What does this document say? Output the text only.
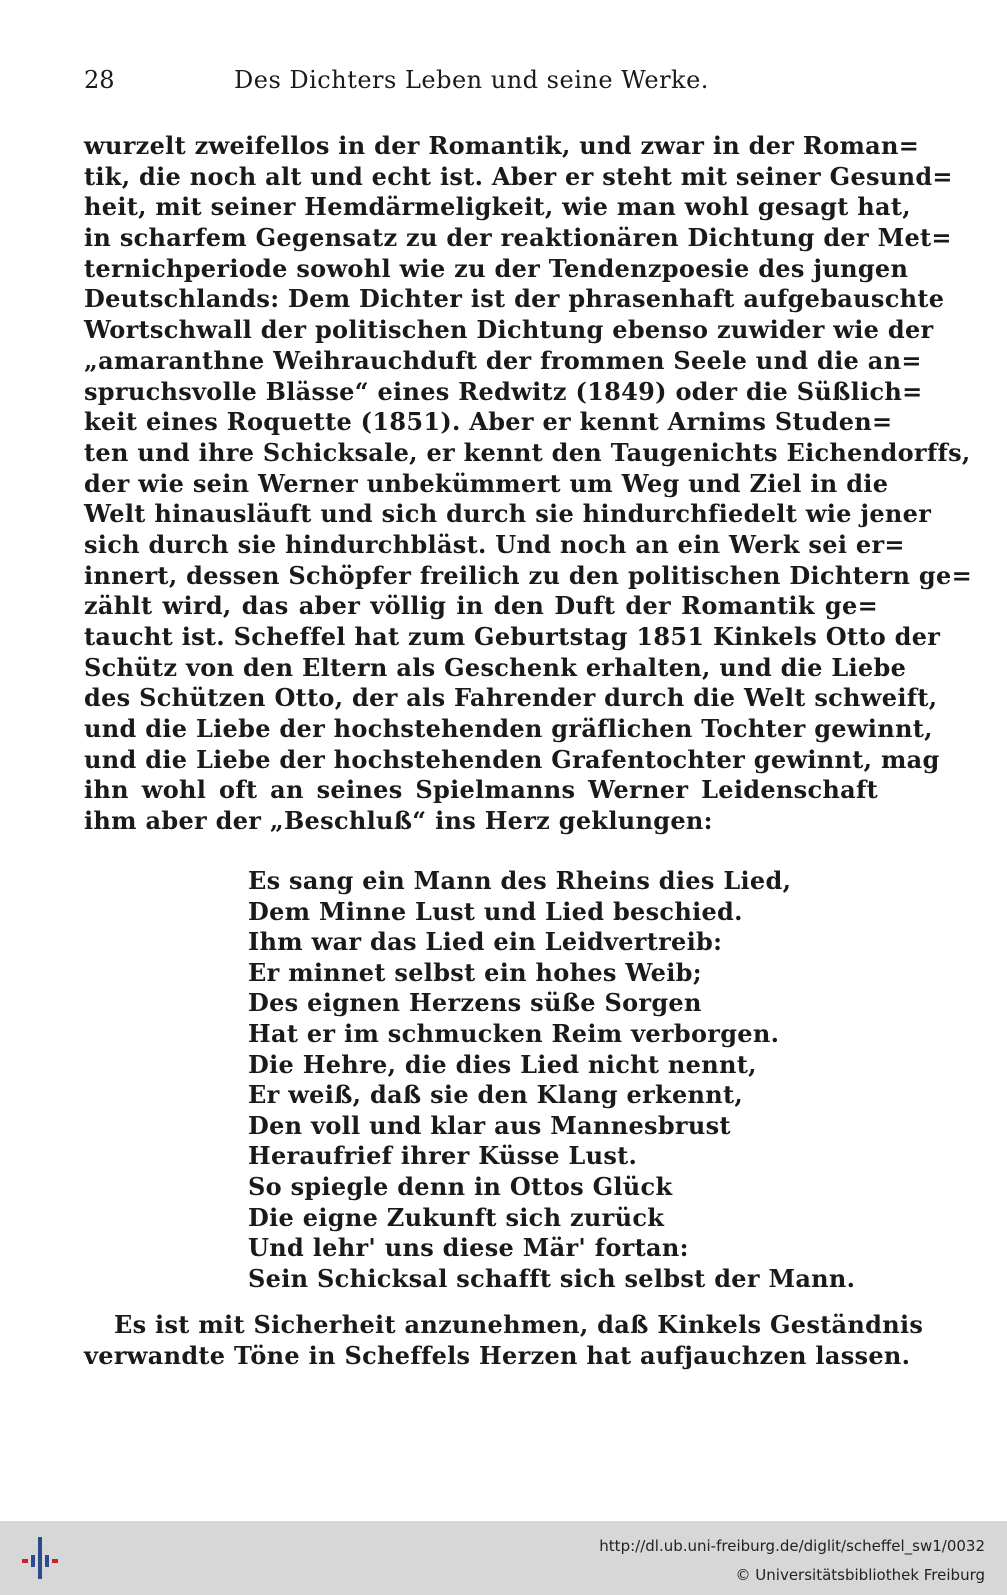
28	Des Dichters Leben und seine Werke.
wurzelt zweifellos in der Romantik, und zwar in der Roman=
tik, die noch alt und echt ist. Aber er steht mit seiner Gesund=
heit, mit seiner Hemdärmeligkeit, wie man wohl gesagt hat,
in scharfem Gegensatz zu der reaktionären Dichtung der Met=
ternichperiode sowohl wie zu der Tendenzpoesie des jungen
Deutschlands: Dem Dichter ist der phrasenhaft aufgebauschte
Wortschwall der politischen Dichtung ebenso zuwider wie der
„amaranthne Weihrauchduft der frommen Seele und die an=
spruchsvolle Blässe“ eines Redwitz (1849) oder die Süßlich=
keit eines Roquette (1851). Aber er kennt Arnims Studen=
ten und ihre Schicksale, er kennt den Taugenichts Eichendorffs,
der wie sein Werner unbekümmert um Weg und Ziel in die
Welt hinausläuft und sich durch sie hindurchfiedelt wie jener
sich durch sie hindurchbläst. Und noch an ein Werk sei er=
innert, dessen Schöpfer freilich zu den politischen Dichtern ge=
zählt wird, das aber völlig in den Duft der Romantik ge=
taucht ist. Scheffel hat zum Geburtstag 1851 Kinkels Otto der
Schütz von den Eltern als Geschenk erhalten, und die Liebe
des Schützen Otto, der als Fahrender durch die Welt schweift,
und die Liebe der hochstehenden gräflichen Tochter gewinnt,
und die Liebe der hochstehenden Grafentochter gewinnt, mag
ihn wohl oft an seines Spielmanns Werner Leidenschaft
ihm aber der „Beschluß“ ins Herz geklungen:
Es sang ein Mann des Rheins dies Lied,
Dem Minne Lust und Lied beschied.
Ihm war das Lied ein Leidvertreib:
Er minnet selbst ein hohes Weib;
Des eignen Herzens süße Sorgen
Hat er im schmucken Reim verborgen.
Die Hehre, die dies Lied nicht nennt,
Er weiß, daß sie den Klang erkennt,
Den voll und klar aus Mannesbrust
Heraufrief ihrer Küsse Lust.
So spiegle denn in Ottos Glück
Die eigne Zukunft sich zurück
Und lehr' uns diese Mär' fortan:
Sein Schicksal schafft sich selbst der Mann.
Es ist mit Sicherheit anzunehmen, daß Kinkels Geständnis
verwandte Töne in Scheffels Herzen hat aufjauchzen lassen.
http://dl.ub.uni-freiburg.de/diglit/scheffel_sw1/0032
© Universitätsbibliothek Freiburg
